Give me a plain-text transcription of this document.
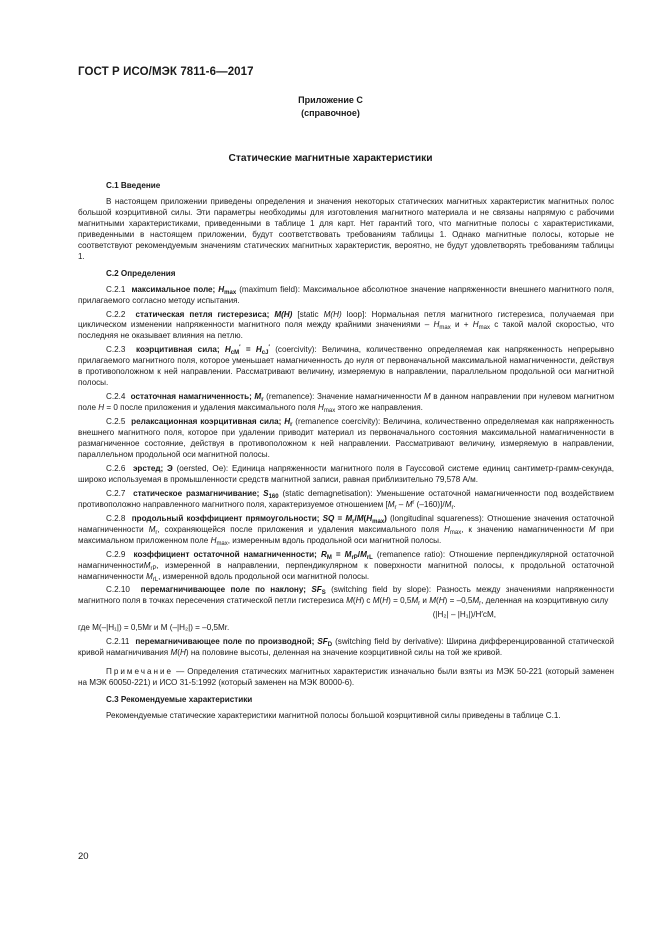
ГОСТ Р ИСО/МЭК 7811-6—2017
Приложение С
(справочное)
Статические магнитные характеристики

С.1 Введение

В настоящем приложении приведены определения и значения некоторых статических магнитных характеристик магнитных полос большой коэрцитивной силы. Эти параметры необходимы для изготовления магнитного материала и не связаны напрямую с рабочими магнитными характеристиками, приведенными в таблице 1 для карт. Нет гарантий того, что магнитные полосы с характеристиками, приведенными в настоящем приложении, будут соответствовать требованиям таблицы 1. Однако магнитные полосы, которые не соответствуют рекомендуемым значениям статических магнитных характеристик, вероятно, не будут удовлетворять требованиям таблицы 1.

С.2 Определения

С.2.1 максимальное поле; $H_{max}$ (maximum field): Максимальное абсолютное значение напряженности внешнего магнитного поля, прилагаемого согласно методу испытания.

С.2.2 статическая петля гистерезиса; M(H) [static M(H) loop]: Нормальная петля магнитного гистерезиса, получаемая при циклическом изменении напряженности магнитного поля между крайними значениями – $H_{max}$ $и + H_{max}$ с такой малой скоростью, что последняя не оказывает влияния на петлю.

С.2.3 коэрцитивная сила; $H_{cM}' = H_{cJ}'$ (coercivity): Величина, количественно определяемая как напряженность непрерывно прилагаемого магнитного поля, которое уменьшает намагниченность до нуля от первоначальной максимальной намагниченности, действуя в противоположном к ней направлении. Рассматривают величину, измеряемую в направлении, параллельном продольной оси магнитной полосы.

С.2.4 остаточная намагниченность; $M_r$ (remanence): Значение намагниченности M в данном направлении при нулевом магнитном поле H = 0 после приложения и удаления максимального поля $H_{max}$ этого же направления.

С.2.5 релаксационная коэрцитивная сила; $H_r$ (remanence coercivity): Величина, количественно определяемая как напряженность внешнего магнитного поля, которое при удалении приводит материал из первоначального состояния максимальной намагниченности в размагниченное состояние, действуя в противоположном к ней направлении. Рассматривают величину, измеряемую в направлении, параллельном продольной оси магнитной полосы.

С.2.6 эрстед; Э (oersted, Oe): Единица напряженности магнитного поля в Гауссовой системе единиц сантиметр-грамм-секунда, широко используемая в промышленности средств магнитной записи, равная приблизительно 79,578 А/м.

С.2.7 статическое размагничивание; $S_{160}$ (static demagnetisation): Уменьшение остаточной намагниченности под воздействием противоположно направленного магнитного поля, характеризуемое отношением [$M_r - M^r$ $(-160)]/M_r$.

С.2.8 продольный коэффициент прямоугольности; SQ = $M_r/M(H_{max})$ (longitudinal squareness): Отношение значения остаточной намагниченности $M_r$, сохраняющейся после приложения и удаления максимального поля $H_{max}$, к значению намагниченности M при максимальном приложенном поле $H_{max}$, измеренным вдоль продольной оси магнитной полосы.

С.2.9 коэффициент остаточной намагниченности; $R_M = M_{rP}/M_{rL}$ (remanence ratio): Отношение перпендикулярной остаточной намагниченностиM$_{rP}$, измеренной в направлении, перпендикулярном к поверхности магнитной полосы, к продольной остаточной намагниченности $M_{rL}$, измеренной вдоль продольной оси магнитной полосы.

С.2.10 перемагничивающее поле по наклону; $SF_S$ (switching field by slope): Разность между значениями напряженности магнитного поля в точках пересечения статической петли гистерезиса M(H) с $M(H) = 0,5M_r$ и $M(H) = -0,5M_r$, деленная на коэрцитивную силу

(|H₂| – |H₁|)/H′cM,

где M(–|H₁|) = 0,5Mr и M (–|H₂|) = –0,5Mr.

С.2.11 перемагничивающее поле по производной; $SF_D$ (switching field by derivative): Ширина дифференцированной статической кривой намагничивания M(H) на половине высоты, деленная на значение коэрцитивной силы на той же кривой.

Примечание — Определения статических магнитных характеристик изначально были взяты из МЭК 50-221 (который заменен на МЭК 60050-221) и ИСО 31-5:1992 (который заменен на МЭК 80000-6).

С.3 Рекомендуемые характеристики

Рекомендуемые статические характеристики магнитной полосы большой коэрцитивной силы приведены в таблице С.1.

20
